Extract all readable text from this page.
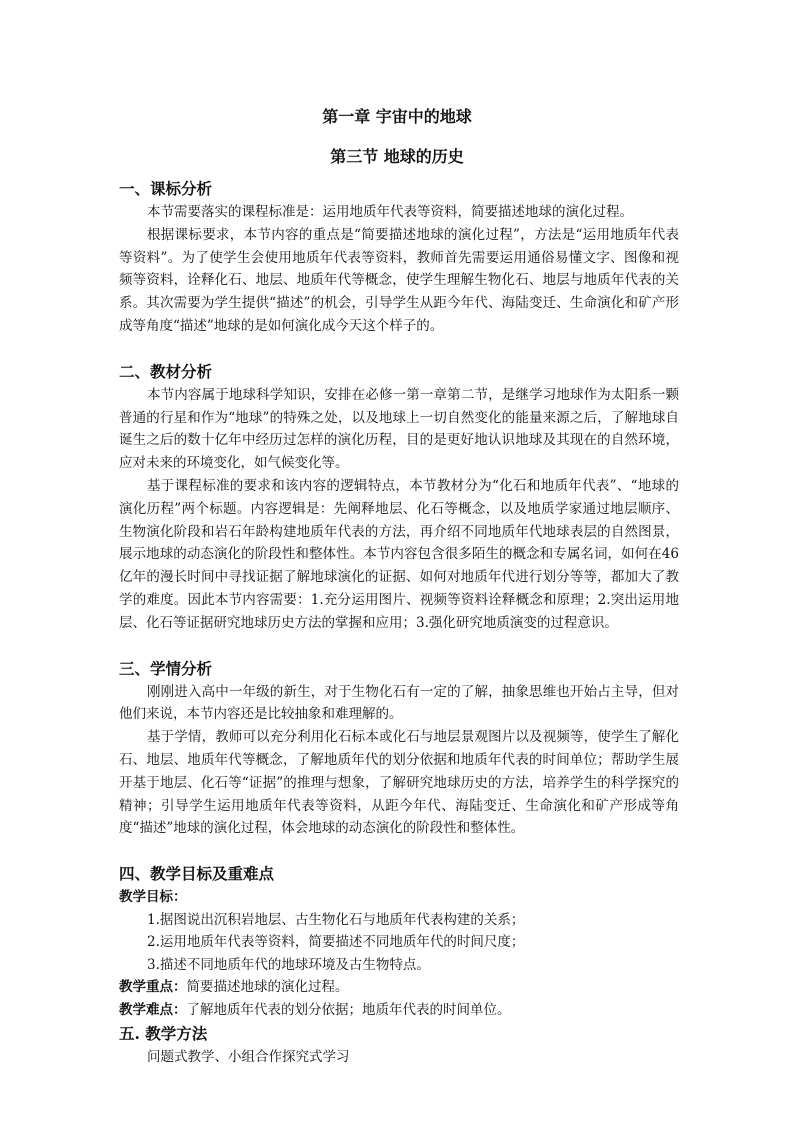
第一章 宇宙中的地球
第三节 地球的历史

一、课标分析

本节需要落实的课程标准是：运用地质年代表等资料，简要描述地球的演化过程。

根据课标要求，本节内容的重点是“简要描述地球的演化过程”，方法是“运用地质年代表等资料”。为了使学生会使用地质年代表等资料，教师首先需要运用通俗易懂文字、图像和视频等资料，诠释化石、地层、地质年代等概念，使学生理解生物化石、地层与地质年代表的关系。其次需要为学生提供“描述”的机会，引导学生从距今年代、海陆变迁、生命演化和矿产形成等角度“描述”地球的是如何演化成今天这个样子的。

二、教材分析

本节内容属于地球科学知识，安排在必修一第一章第二节，是继学习地球作为太阳系一颗普通的行星和作为“地球”的特殊之处，以及地球上一切自然变化的能量来源之后，了解地球自诞生之后的数十亿年中经历过怎样的演化历程，目的是更好地认识地球及其现在的自然环境，应对未来的环境变化，如气候变化等。

基于课程标准的要求和该内容的逻辑特点，本节教材分为“化石和地质年代表”、“地球的演化历程”两个标题。内容逻辑是：先阐释地层、化石等概念，以及地质学家通过地层顺序、生物演化阶段和岩石年龄构建地质年代表的方法，再介绍不同地质年代地球表层的自然图景，展示地球的动态演化的阶段性和整体性。本节内容包含很多陌生的概念和专属名词，如何在46亿年的漫长时间中寻找证据了解地球演化的证据、如何对地质年代进行划分等等，都加大了教学的难度。因此本节内容需要：1.充分运用图片、视频等资料诠释概念和原理；2.突出运用地层、化石等证据研究地球历史方法的掌握和应用；3.强化研究地质演变的过程意识。

三、学情分析

刚刚进入高中一年级的新生，对于生物化石有一定的了解，抽象思维也开始占主导，但对他们来说，本节内容还是比较抽象和难理解的。

基于学情，教师可以充分利用化石标本或化石与地层景观图片以及视频等，使学生了解化石、地层、地质年代等概念，了解地质年代的划分依据和地质年代表的时间单位；帮助学生展开基于地层、化石等“证据”的推理与想象，了解研究地球历史的方法，培养学生的科学探究的精神；引导学生运用地质年代表等资料，从距今年代、海陆变迁、生命演化和矿产形成等角度“描述”地球的演化过程，体会地球的动态演化的阶段性和整体性。

四、教学目标及重难点

教学目标：

1.据图说出沉积岩地层、古生物化石与地质年代表构建的关系；

2.运用地质年代表等资料，简要描述不同地质年代的时间尺度；

3.描述不同地质年代的地球环境及古生物特点。

教学重点：简要描述地球的演化过程。

教学难点：了解地质年代表的划分依据；地质年代表的时间单位。

五. 教学方法

问题式教学、小组合作探究式学习
